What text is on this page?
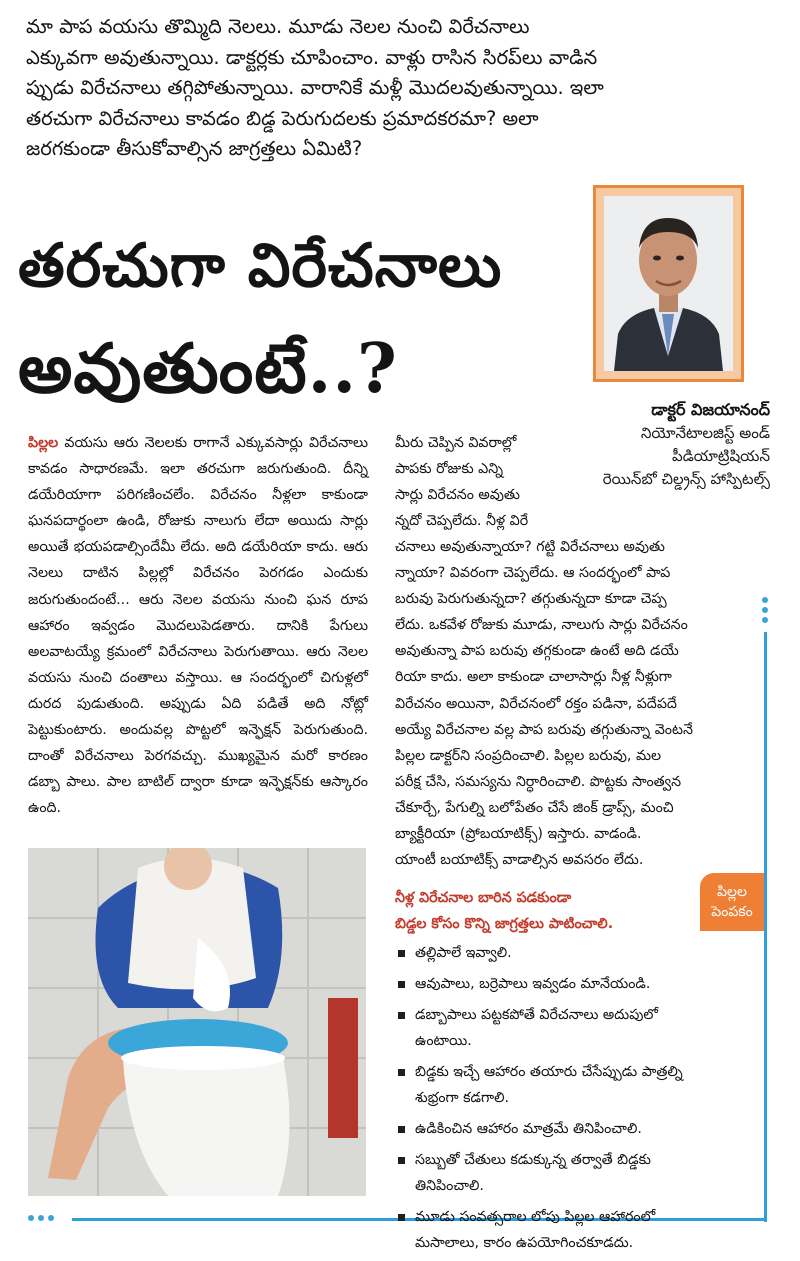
మా పాప వయసు తొమ్మిది నెలలు. మూడు నెలల నుంచి విరేచనాలు
ఎక్కువగా అవుతున్నాయి. డాక్టర్లకు చూపించాం. వాళ్లు రాసిన సిరప్‌లు వాడిన
ప్పుడు విరేచనాలు తగ్గిపోతున్నాయి. వారానికే మళ్లీ మొదలవుతున్నాయి. ఇలా
తరచుగా విరేచనాలు కావడం బిడ్డ పెరుగుదలకు ప్రమాదకరమా? అలా
జరగకుండా తీసుకోవాల్సిన జాగ్రత్తలు ఏమిటి?
తరచుగా విరేచనాలు
అవుతుంటే..?

డాక్టర్ విజయానంద్

నియోనేటాలజిస్ట్ అండ్

పీడియాట్రిషియన్

రెయిన్‌బో చిల్డ్రన్స్ హాస్పిటల్స్

పిల్లల వయసు ఆరు నెలలకు రాగానే ఎక్కువసార్లు విరేచనాలు కావడం సాధారణమే. ఇలా తరచుగా జరుగుతుంది. దీన్ని డయేరియాగా పరిగణించలేం. విరేచనం నీళ్లలా కాకుండా ఘనపదార్థంలా ఉండి, రోజుకు నాలుగు లేదా అయిదు సార్లు అయితే భయపడాల్సిందేమీ లేదు. అది డయేరియా కాదు. ఆరు నెలలు దాటిన పిల్లల్లో విరేచనం పెరగడం ఎందుకు జరుగుతుందంటే... ఆరు నెలల వయసు నుంచి ఘన రూప ఆహారం ఇవ్వడం మొదలుపెడతారు. దానికి పేగులు అలవాటయ్యే క్రమంలో విరేచనాలు పెరుగుతాయి. ఆరు నెలల వయసు నుంచి దంతాలు వస్తాయి. ఆ సందర్భంలో చిగుళ్లలో దురద పుడుతుంది. అప్పుడు ఏది పడితే అది నోట్లో పెట్టుకుంటారు. అందువల్ల పొట్టలో ఇన్ఫెక్షన్ పెరుగుతుంది. దాంతో విరేచనాలు పెరగవచ్చు. ముఖ్యమైన మరో కారణం డబ్బా పాలు. పాల బాటిల్ ద్వారా కూడా ఇన్ఫెక్షన్‌కు ఆస్కారం ఉంది.

మీరు చెప్పిన వివరాల్లో
పాపకు రోజుకు ఎన్ని
సార్లు విరేచనం అవుతు
న్నదో చెప్పలేదు. నీళ్ల విరే
చనాలు అవుతున్నాయా? గట్టి విరేచనాలు అవుతు
న్నాయా? వివరంగా చెప్పలేదు. ఆ సందర్భంలో పాప
బరువు పెరుగుతున్నదా? తగ్గుతున్నదా కూడా చెప్ప
లేదు. ఒకవేళ రోజుకు మూడు, నాలుగు సార్లు విరేచనం
అవుతున్నా పాప బరువు తగ్గకుండా ఉంటే అది డయే
రియా కాదు. అలా కాకుండా చాలాసార్లు నీళ్ల నీళ్లుగా
విరేచనం అయినా, విరేచనంలో రక్తం పడినా, పదేపదే
అయ్యే విరేచనాల వల్ల పాప బరువు తగ్గుతున్నా వెంటనే
పిల్లల డాక్టర్‌ని సంప్రదించాలి. పిల్లల బరువు, మల
పరీక్ష చేసి, సమస్యను నిర్ధారించాలి. పొట్టకు సాంత్వన
చేకూర్చే, పేగుల్ని బలోపేతం చేసే జింక్ డ్రాప్స్, మంచి
బ్యాక్టీరియా (ప్రోబయాటిక్స్) ఇస్తారు. వాడండి.
యాంటీ బయాటిక్స్ వాడాల్సిన అవసరం లేదు.
పిల్లల
పెంపకం

నీళ్ల విరేచనాల బారిన పడకుండా
బిడ్డల కోసం కొన్ని జాగ్రత్తలు పాటించాలి.

తల్లిపాలే ఇవ్వాలి.
ఆవుపాలు, బర్రెపాలు ఇవ్వడం మానేయండి.
డబ్బాపాలు పట్టకపోతే విరేచనాలు అదుపులో ఉంటాయి.
బిడ్డకు ఇచ్చే ఆహారం తయారు చేసేప్పుడు పాత్రల్ని శుభ్రంగా కడగాలి.
ఉడికించిన ఆహారం మాత్రమే తినిపించాలి.
సబ్బుతో చేతులు కడుక్కున్న తర్వాతే బిడ్డకు తినిపించాలి.
మూడు సంవత్సరాల లోపు పిల్లల ఆహారంలో మసాలాలు, కారం ఉపయోగించకూడదు.
